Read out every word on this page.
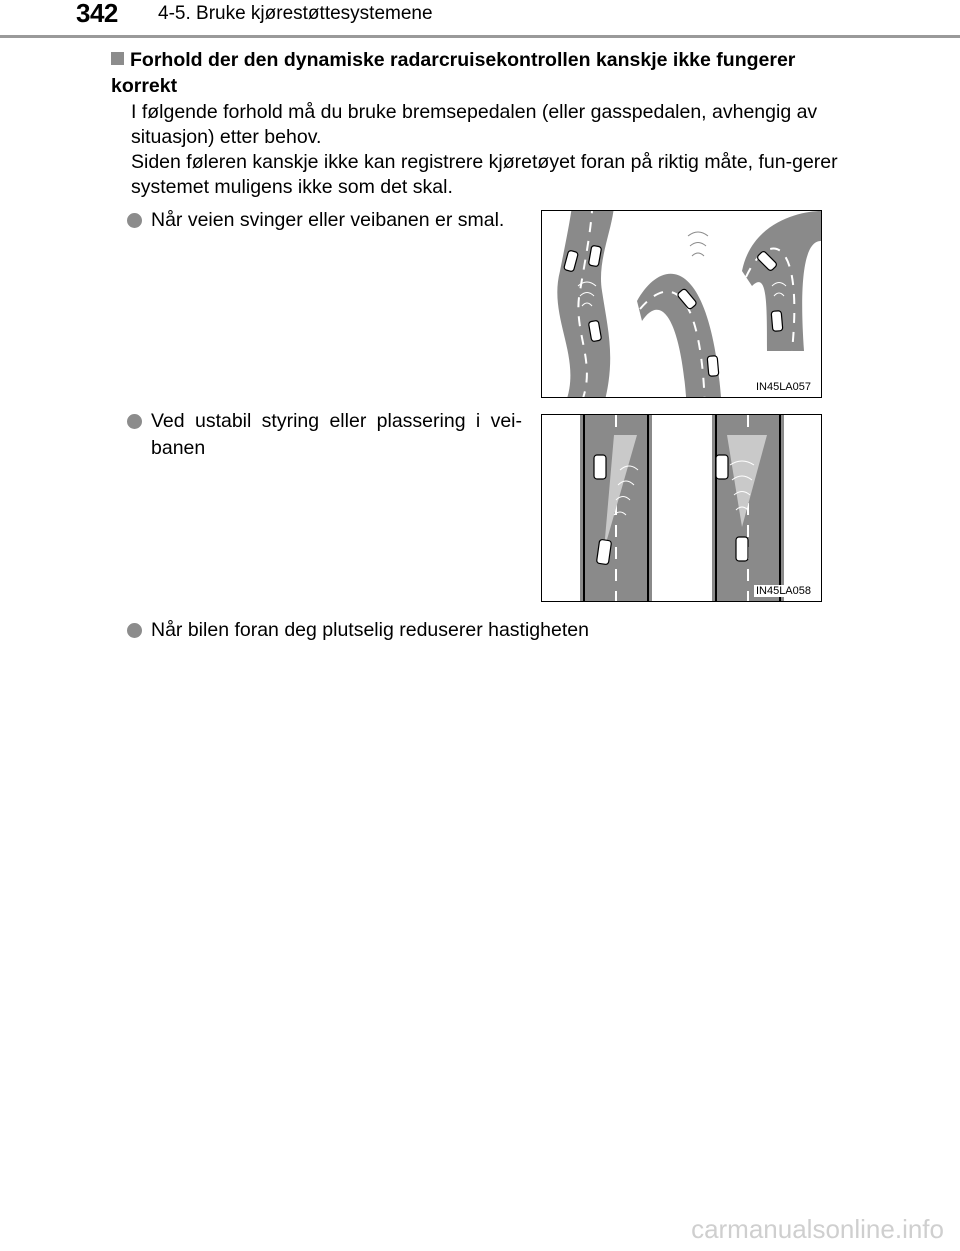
342 4-5. Bruke kjørestøttesystemene
Forhold der den dynamiske radarcruisekontrollen kanskje ikke fungerer korrekt
I følgende forhold må du bruke bremsepedalen (eller gasspedalen, avhengig av situasjon) etter behov.
Siden føleren kanskje ikke kan registrere kjøretøyet foran på riktig måte, fun-gerer systemet muligens ikke som det skal.
Når veien svinger eller veibanen er smal.
Ved ustabil styring eller plassering i vei-banen
Når bilen foran deg plutselig reduserer hastigheten
IN45LA057
IN45LA058
carmanualsonline.info
